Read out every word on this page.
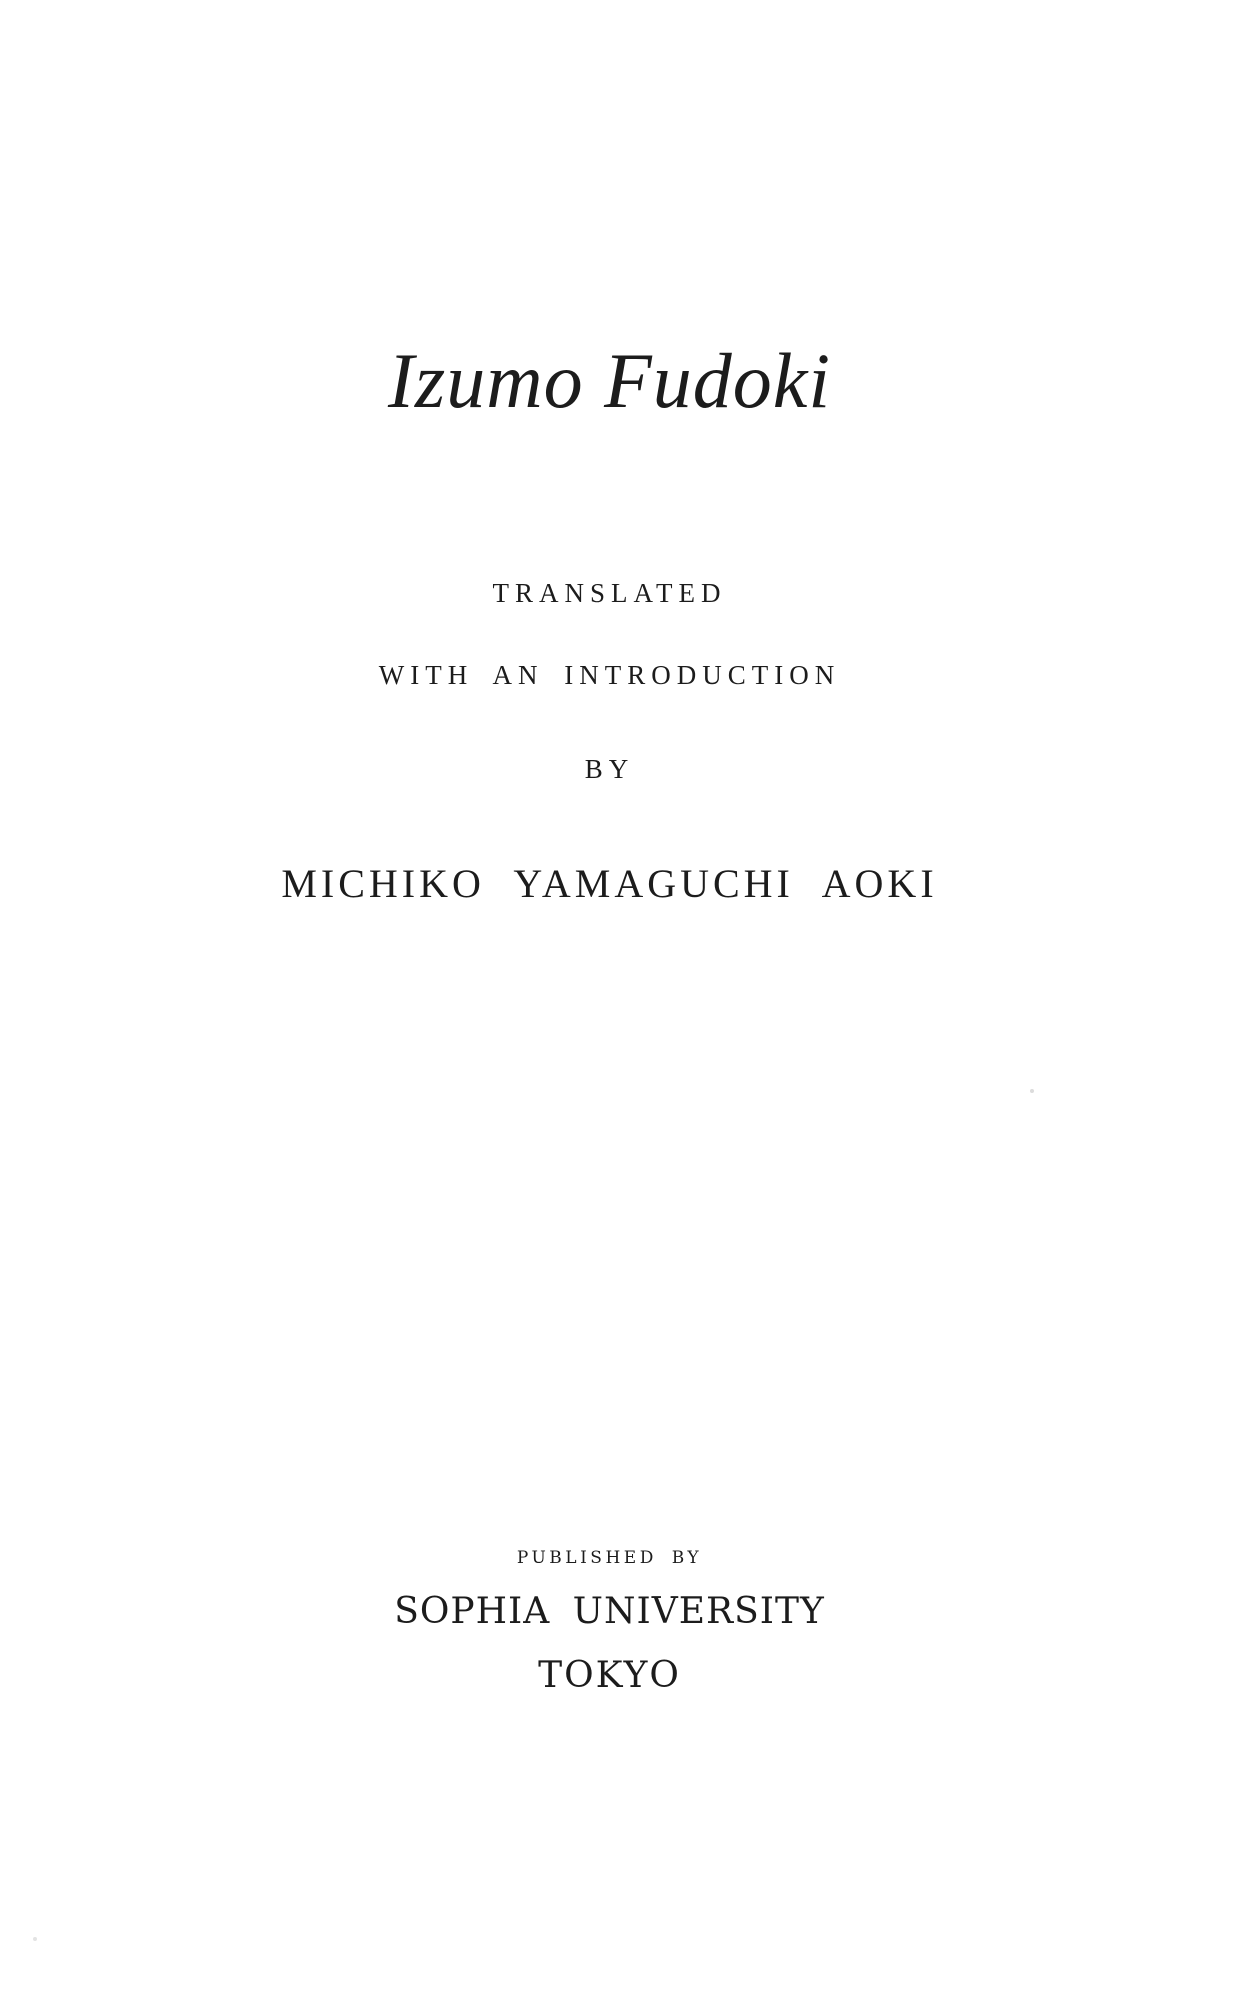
Izumo Fudoki
TRANSLATED
WITH AN INTRODUCTION
BY
MICHIKO YAMAGUCHI AOKI
PUBLISHED BY
SOPHIA UNIVERSITY
TOKYO
